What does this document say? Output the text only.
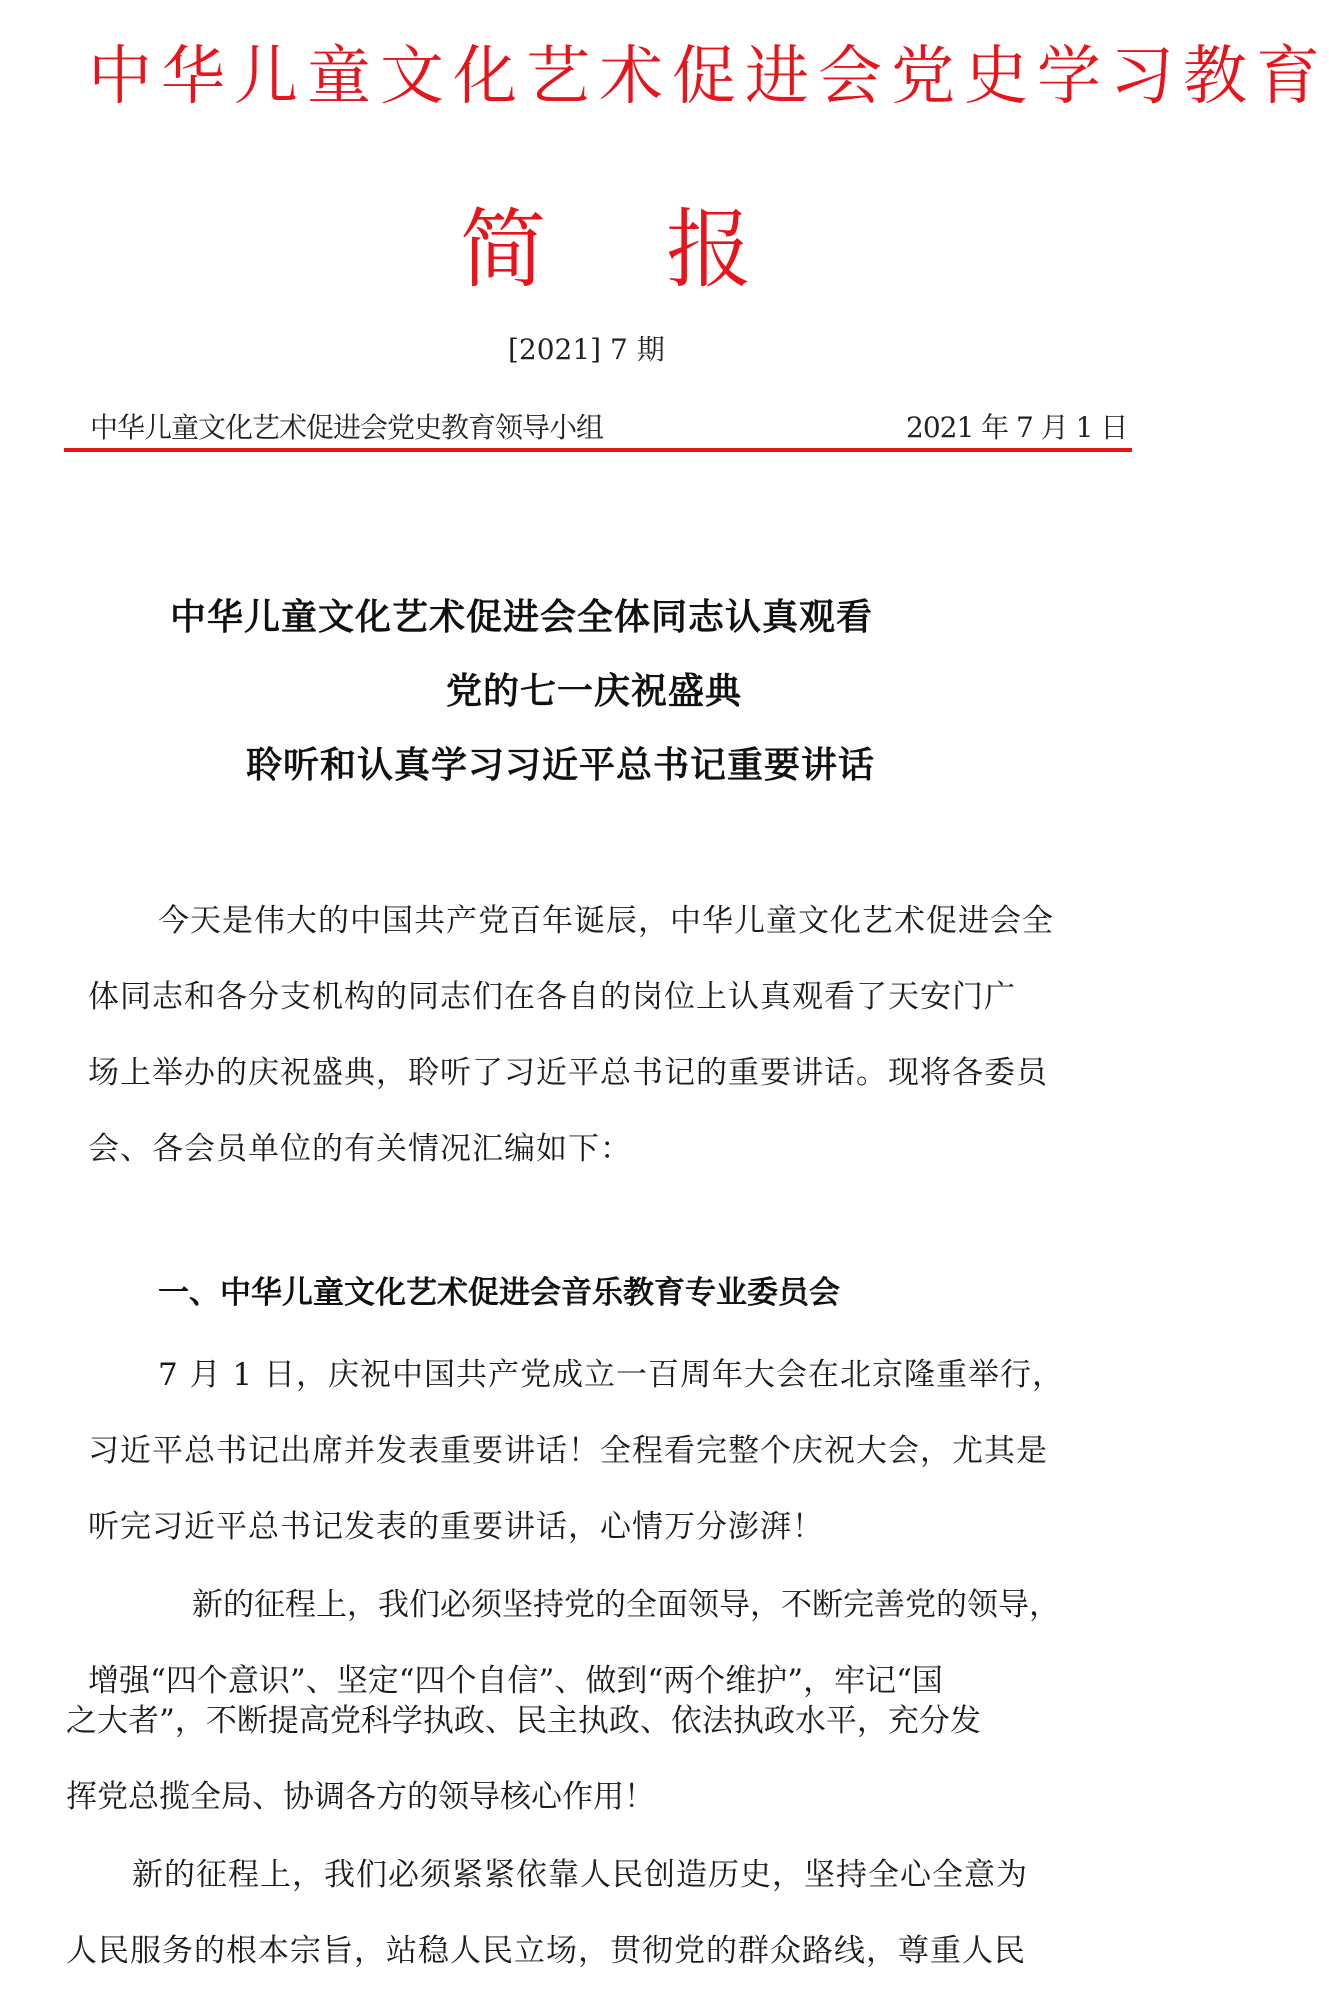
中华儿童文化艺术促进会党史学习教育
简报
[2021] 7 期
中华儿童文化艺术促进会党史教育领导小组	2021 年 7 月 1 日
中华儿童文化艺术促进会全体同志认真观看
党的七一庆祝盛典
聆听和认真学习习近平总书记重要讲话
今天是伟大的中国共产党百年诞辰，中华儿童文化艺术促进会全
体同志和各分支机构的同志们在各自的岗位上认真观看了天安门广
场上举办的庆祝盛典，聆听了习近平总书记的重要讲话。现将各委员
会、各会员单位的有关情况汇编如下：
一、中华儿童文化艺术促进会音乐教育专业委员会
7 月 1 日，庆祝中国共产党成立一百周年大会在北京隆重举行，
习近平总书记出席并发表重要讲话！全程看完整个庆祝大会，尤其是
听完习近平总书记发表的重要讲话，心情万分澎湃！
新的征程上，我们必须坚持党的全面领导，不断完善党的领导，
增强“四个意识”、坚定“四个自信”、做到“两个维护”，牢记“国
之大者”，不断提高党科学执政、民主执政、依法执政水平，充分发
挥党总揽全局、协调各方的领导核心作用！
新的征程上，我们必须紧紧依靠人民创造历史，坚持全心全意为
人民服务的根本宗旨，站稳人民立场，贯彻党的群众路线，尊重人民
